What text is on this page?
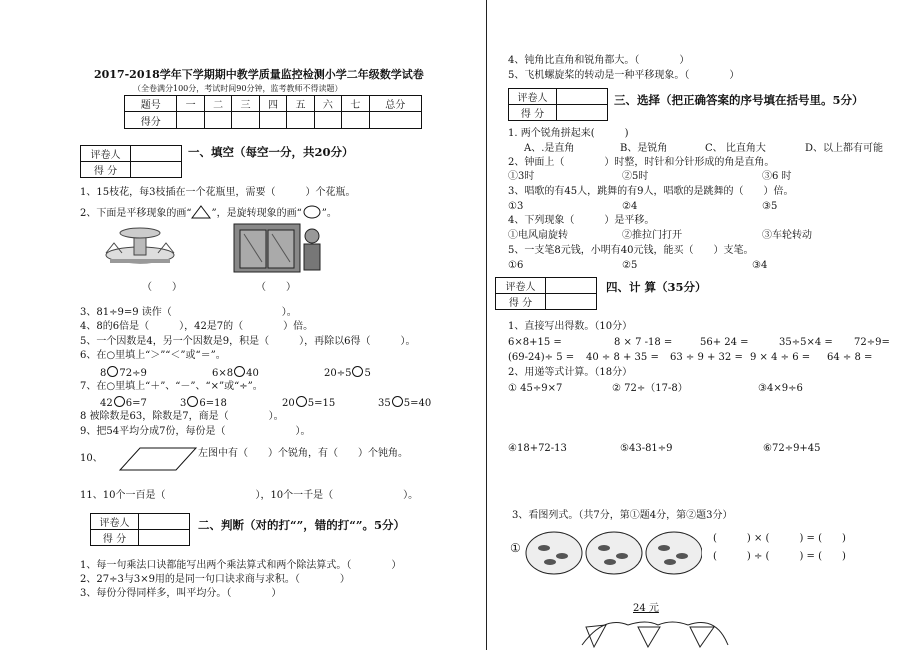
2017-2018学年下学期期中教学质量监控检测小学二年级数学试卷
（全卷满分100分，考试时间90分钟，监考教师不得读题）
题号	一	二	三	四	五	六	七	总分
得分								
评卷人	
得 分	
一、填空（每空一分，共20分）
1、15枝花，每3枝插在一个花瓶里，需要（　　　）个花瓶。
2、下面是平移现象的画“ ”，是旋转现象的画“ ”。
（　　）	（　　）
3、81÷9=9 读作（　　　　　　　　　　　）。
4、8的6倍是（　　　），42是7的（　　　　）倍。
5、一个因数是4，另一个因数是9，积是（　　　），再除以6得（　　　）。
6、在○里填上“＞”“＜”或“＝”。
8 72÷9	6×8 40	20÷5 5
7、在○里填上“＋”、“－”、“×”或“÷”。
42 6=7	3 6=18	20 5=15	35 5=40
8 被除数是63，除数是7，商是（　　　　）。
9、把54平均分成7份，每份是（　　　　　　　）。
10、	左图中有（　　）个锐角，有（　　）个钝角。
11、10个一百是（　　　　　　　　　），10个一千是（　　　　　　　）。
评卷人	
得 分	
二、判断（对的打“”，错的打“”。5分）
1、每一句乘法口诀都能写出两个乘法算式和两个除法算式。（　　　　）
2、27÷3与3×9用的是同一句口诀求商与求积。（　　　　）
3、每份分得同样多，叫平均分。（　　　　）
4、钝角比直角和锐角都大。（　　　　）
5、飞机螺旋桨的转动是一种平移现象。（　　　　）
评卷人	
得 分	
三、选择（把正确答案的序号填在括号里。5分）
1. 两个锐角拼起来(　　　)
A、.是直角	B、是锐角	C、 比直角大	D、以上都有可能
2、钟面上（　　　　）时整，时针和分针形成的角是直角。
①3时	②5时	③6 时
3、唱歌的有45人，跳舞的有9人，唱歌的是跳舞的（　　）倍。
①3	②4	③5
4、下列现象（　　　）是平移。
①电风扇旋转	②推拉门打开	③车轮转动
5、一支笔8元钱，小明有40元钱，能买（　　）支笔。
①6	②5	③4
评卷人	
得 分	
四、计 算（35分）
1、直接写出得数。（10分）
6×8+15 =	8 × 7 -18 =	56+ 24 =	35÷5×4 = 72÷9=
(69-24)÷ 5 = 40 ÷ 8 + 35 = 63 ÷ 9 + 32 = 9 × 4 ÷ 6 = 64 ÷ 8 =
2、用递等式计算。（18分）
① 45÷9×7	② 72÷（17-8）	③4×9÷6
④18+72-13	⑤43-81÷9	⑥72÷9+45
3、看图列式。（共7分，第①题4分，第②题3分）
①
(　　　) × (　　　) = (　　)
(　　　) ÷ (　　　) = (　　)
24 元
